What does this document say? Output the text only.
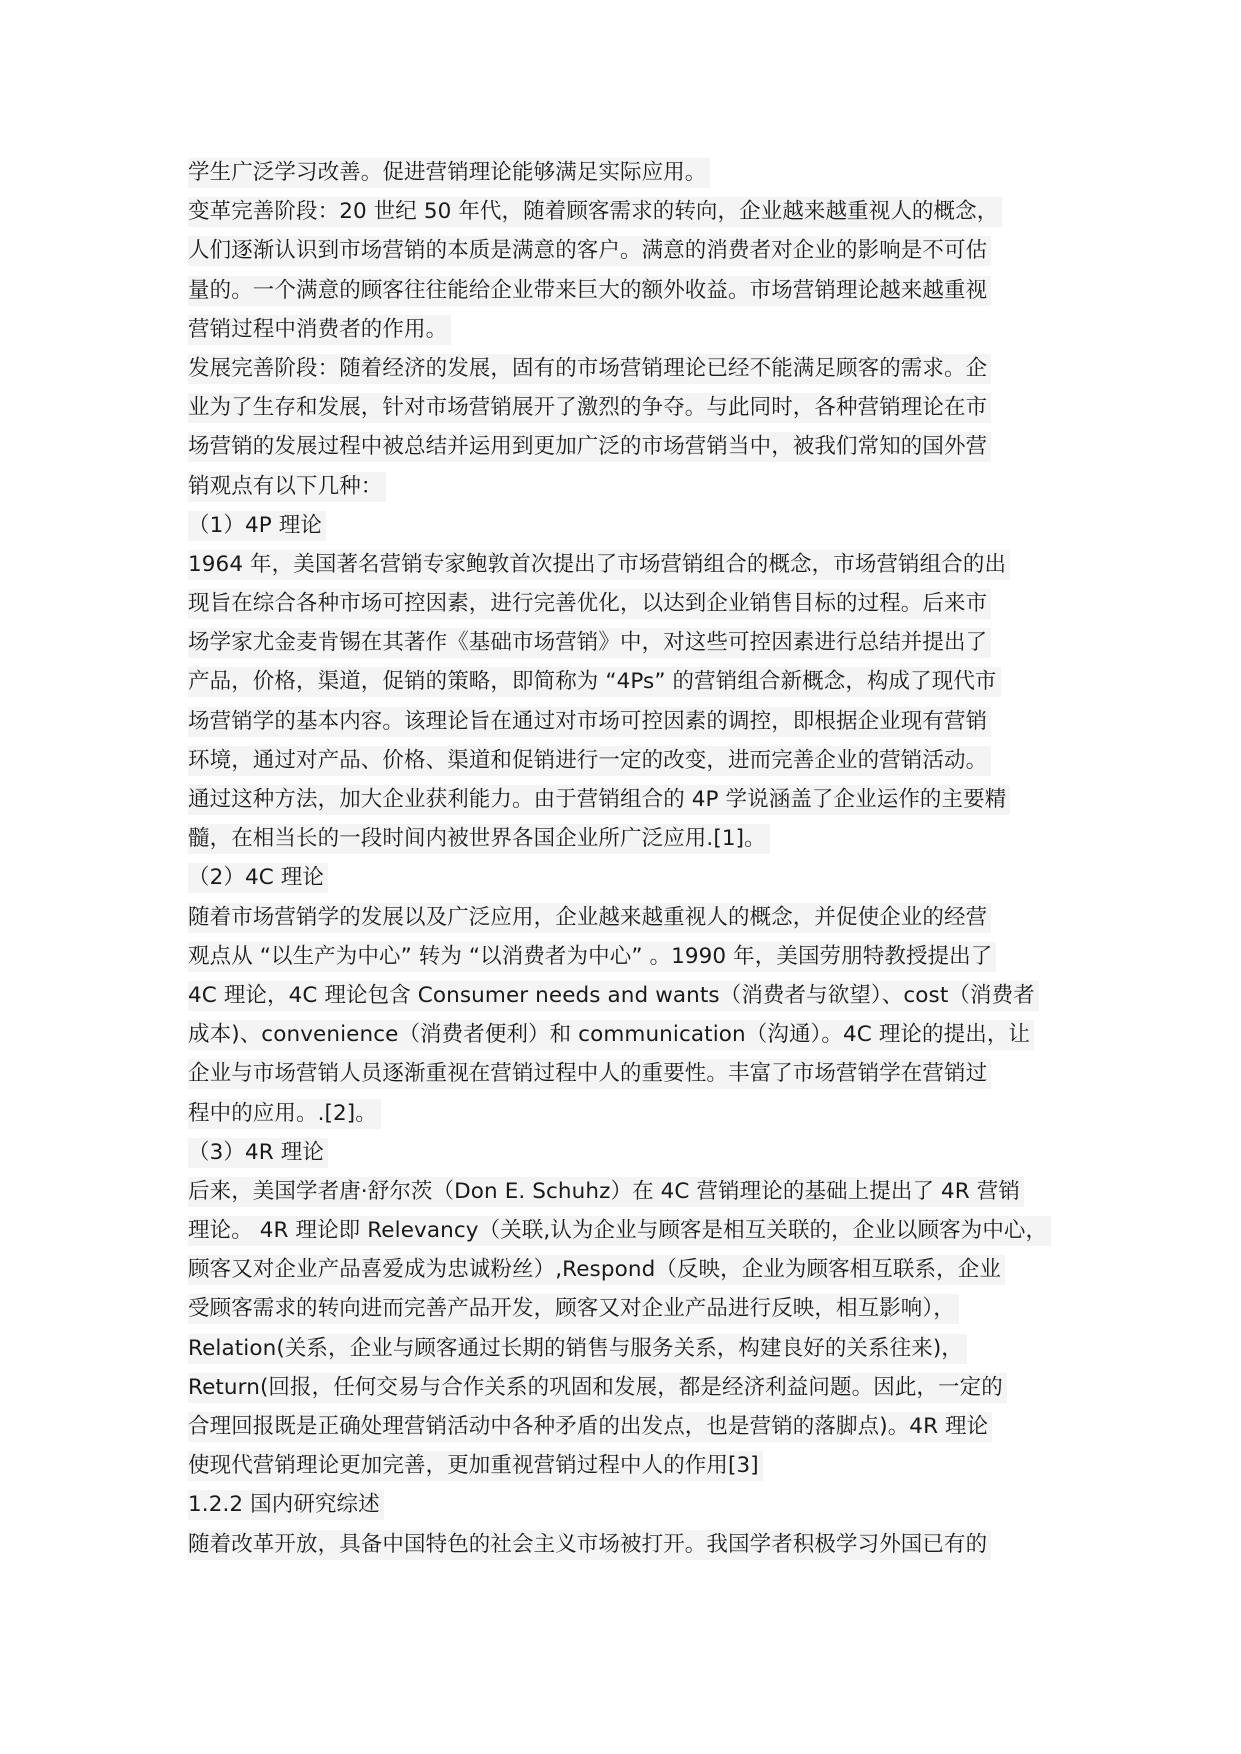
学生广泛学习改善。促进营销理论能够满足实际应用。
变革完善阶段：20 世纪 50 年代，随着顾客需求的转向，企业越来越重视人的概念，
人们逐渐认识到市场营销的本质是满意的客户。满意的消费者对企业的影响是不可估
量的。一个满意的顾客往往能给企业带来巨大的额外收益。市场营销理论越来越重视
营销过程中消费者的作用。
发展完善阶段：随着经济的发展，固有的市场营销理论已经不能满足顾客的需求。企
业为了生存和发展，针对市场营销展开了激烈的争夺。与此同时，各种营销理论在市
场营销的发展过程中被总结并运用到更加广泛的市场营销当中，被我们常知的国外营
销观点有以下几种：
（1）4P 理论
1964 年，美国著名营销专家鲍敦首次提出了市场营销组合的概念，市场营销组合的出
现旨在综合各种市场可控因素，进行完善优化，以达到企业销售目标的过程。后来市
场学家尤金麦肯锡在其著作《基础市场营销》中，对这些可控因素进行总结并提出了
产品，价格，渠道，促销的策略，即简称为 “4Ps” 的营销组合新概念，构成了现代市
场营销学的基本内容。该理论旨在通过对市场可控因素的调控，即根据企业现有营销
环境，通过对产品、价格、渠道和促销进行一定的改变，进而完善企业的营销活动。
通过这种方法，加大企业获利能力。由于营销组合的 4P 学说涵盖了企业运作的主要精
髓，在相当长的一段时间内被世界各国企业所广泛应用.[1]。
（2）4C 理论
随着市场营销学的发展以及广泛应用，企业越来越重视人的概念，并促使企业的经营
观点从 “以生产为中心” 转为 “以消费者为中心” 。1990 年，美国劳朋特教授提出了
4C 理论，4C 理论包含 Consumer needs and wants（消费者与欲望）、cost（消费者
成本)、convenience（消费者便利）和 communication（沟通）。4C 理论的提出，让
企业与市场营销人员逐渐重视在营销过程中人的重要性。丰富了市场营销学在营销过
程中的应用。.[2]。
（3）4R 理论
后来，美国学者唐·舒尔茨（Don E. Schuhz）在 4C 营销理论的基础上提出了 4R 营销
理论。 4R 理论即 Relevancy（关联,认为企业与顾客是相互关联的，企业以顾客为中心，
顾客又对企业产品喜爱成为忠诚粉丝）,Respond（反映，企业为顾客相互联系，企业
受顾客需求的转向进而完善产品开发，顾客又对企业产品进行反映，相互影响），
Relation(关系，企业与顾客通过长期的销售与服务关系，构建良好的关系往来)，
Return(回报，任何交易与合作关系的巩固和发展，都是经济利益问题。因此，一定的
合理回报既是正确处理营销活动中各种矛盾的出发点，也是营销的落脚点)。4R 理论
使现代营销理论更加完善，更加重视营销过程中人的作用[3]
1.2.2 国内研究综述
随着改革开放，具备中国特色的社会主义市场被打开。我国学者积极学习外国已有的
